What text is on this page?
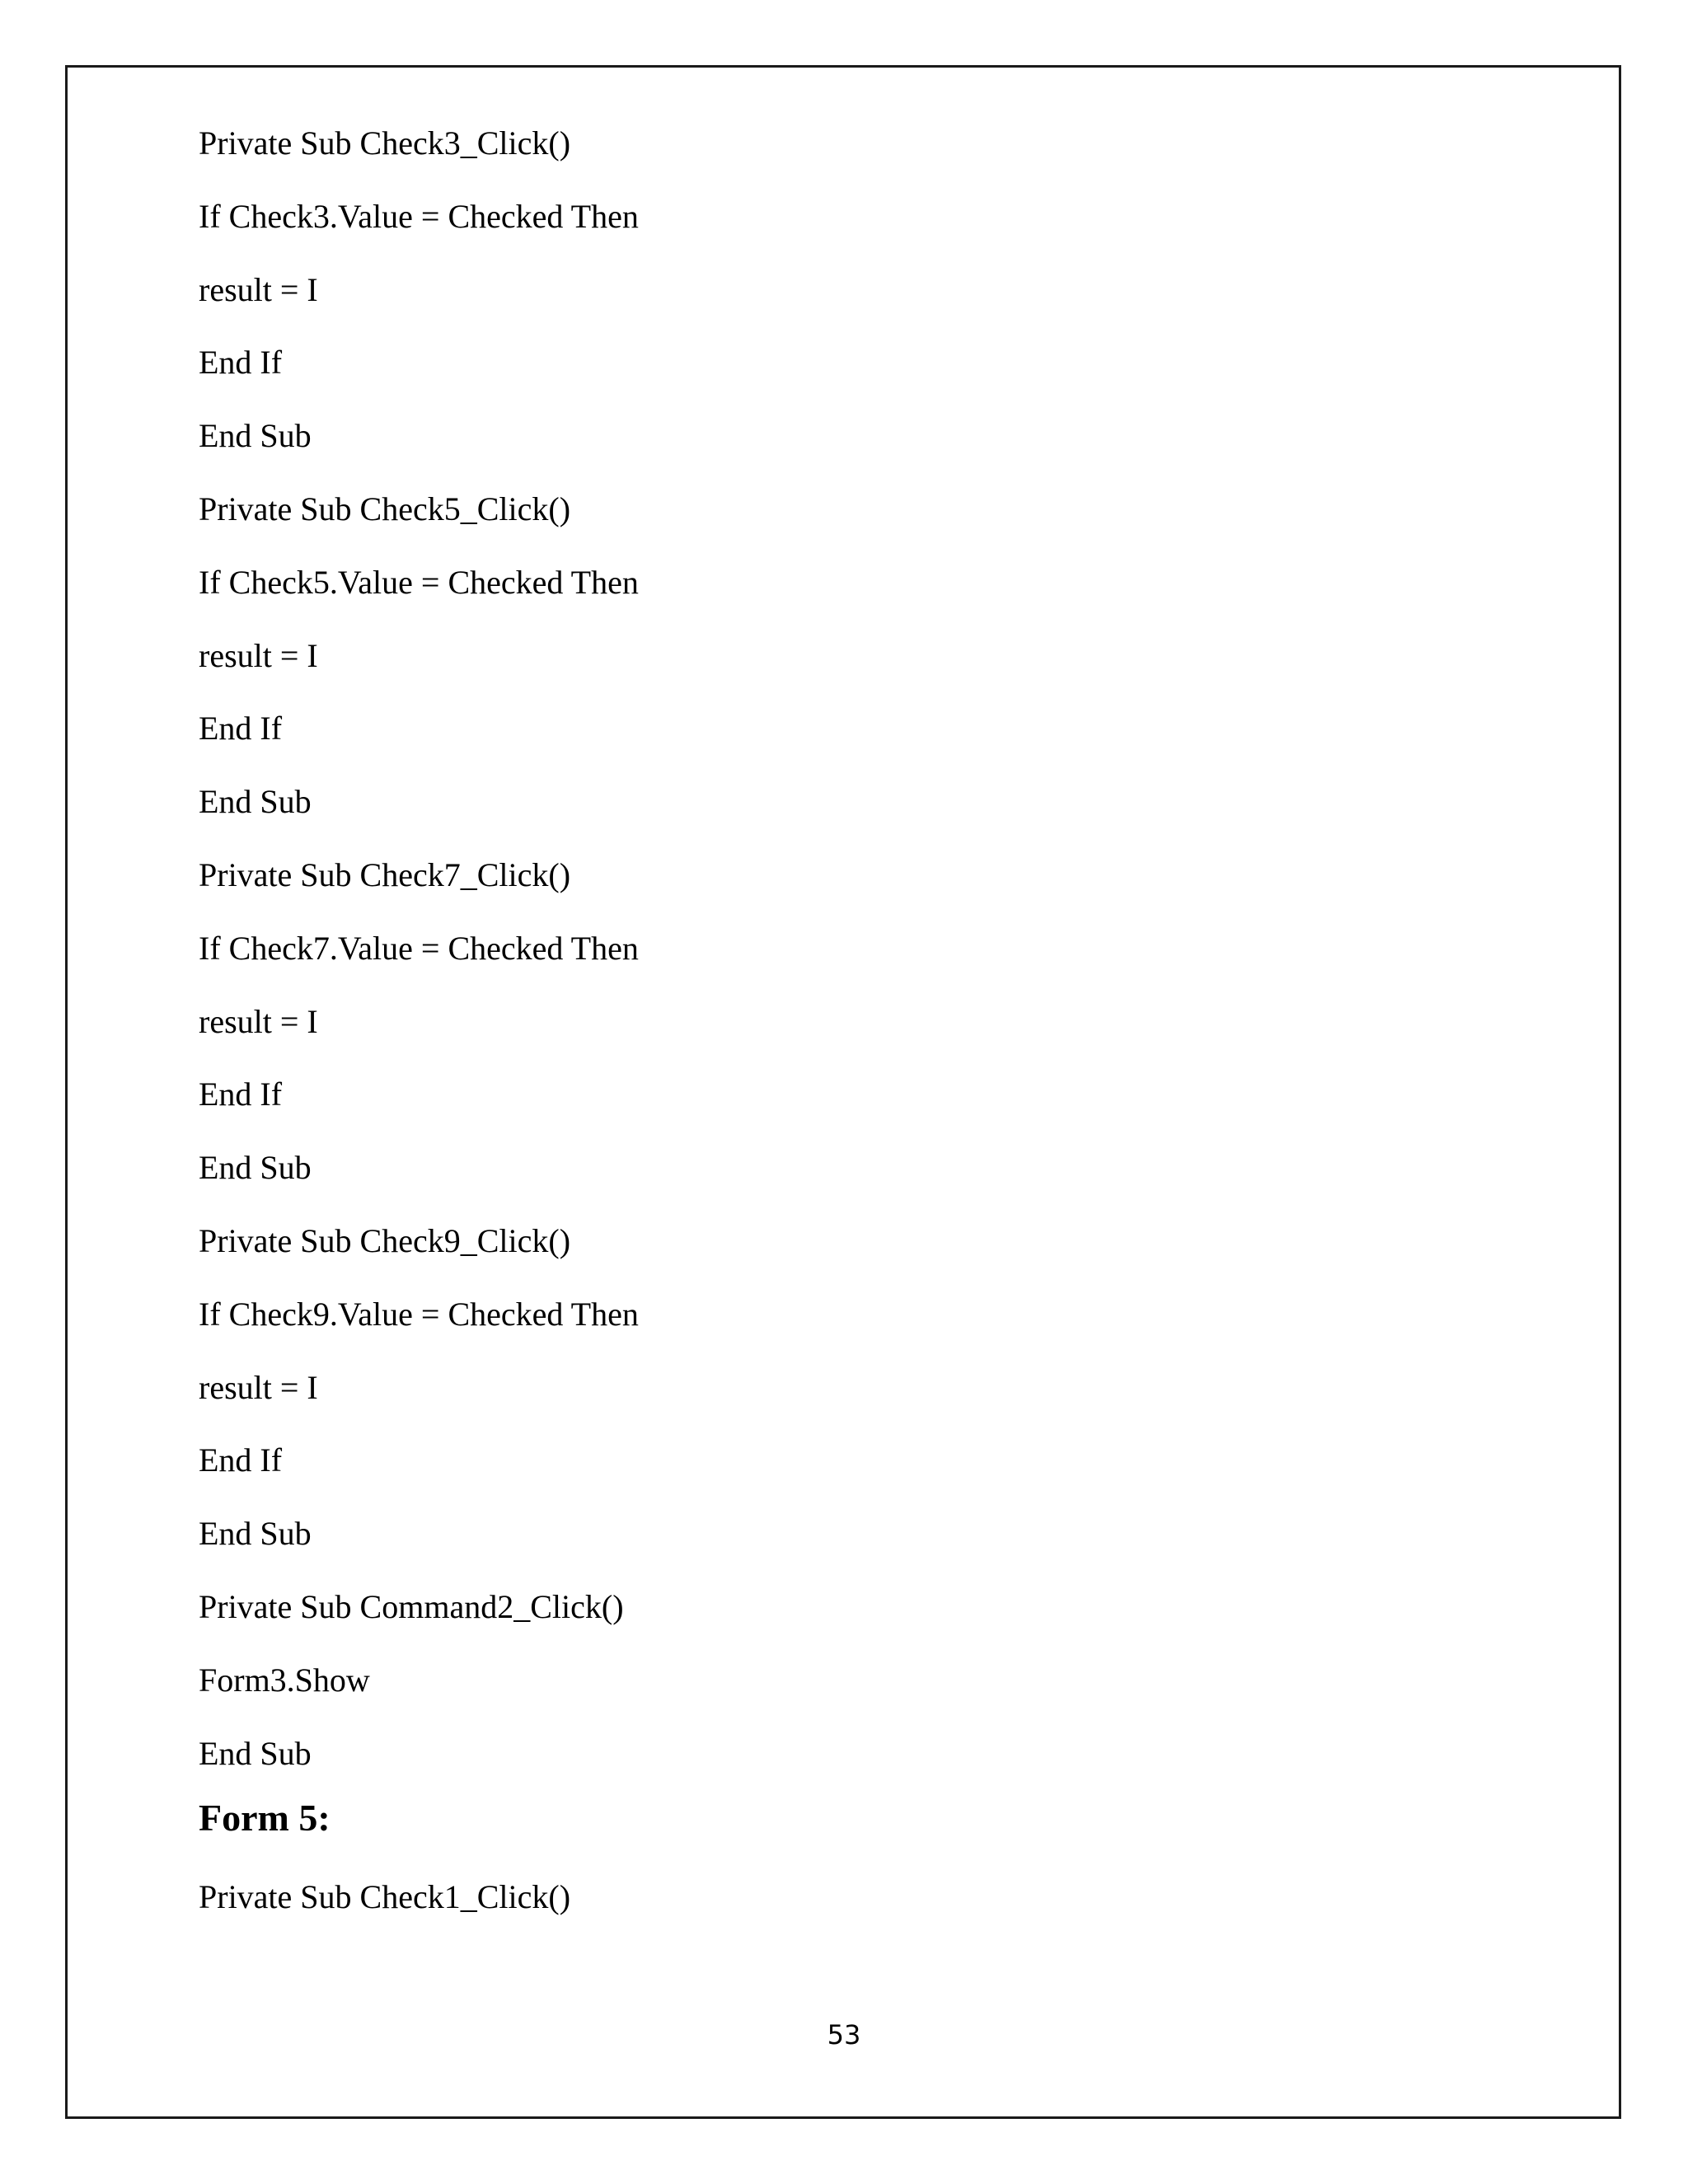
Private Sub Check3_Click()
If Check3.Value = Checked Then
result = I
End If
End Sub
Private Sub Check5_Click()
If Check5.Value = Checked Then
result = I
End If
End Sub
Private Sub Check7_Click()
If Check7.Value = Checked Then
result = I
End If
End Sub
Private Sub Check9_Click()
If Check9.Value = Checked Then
result = I
End If
End Sub
Private Sub Command2_Click()
Form3.Show
End Sub
Form 5:
Private Sub Check1_Click()
53
